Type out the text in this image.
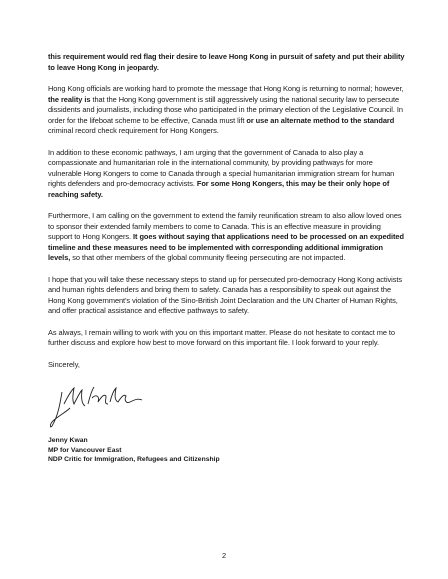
this requirement would red flag their desire to leave Hong Kong in pursuit of safety and put their ability to leave Hong Kong in jeopardy.

Hong Kong officials are working hard to promote the message that Hong Kong is returning to normal; however, the reality is that the Hong Kong government is still aggressively using the national security law to persecute dissidents and journalists, including those who participated in the primary election of the Legislative Council. In order for the lifeboat scheme to be effective, Canada must lift or use an alternate method to the standard criminal record check requirement for Hong Kongers.

In addition to these economic pathways, I am urging that the government of Canada to also play a compassionate and humanitarian role in the international community, by providing pathways for more vulnerable Hong Kongers to come to Canada through a special humanitarian immigration stream for human rights defenders and pro-democracy activists. For some Hong Kongers, this may be their only hope of reaching safety.

Furthermore, I am calling on the government to extend the family reunification stream to also allow loved ones to sponsor their extended family members to come to Canada. This is an effective measure in providing support to Hong Kongers. It goes without saying that applications need to be processed on an expedited timeline and these measures need to be implemented with corresponding additional immigration levels, so that other members of the global community fleeing persecuting are not impacted.

I hope that you will take these necessary steps to stand up for persecuted pro-democracy Hong Kong activists and human rights defenders and bring them to safety. Canada has a responsibility to speak out against the Hong Kong government's violation of the Sino-British Joint Declaration and the UN Charter of Human Rights, and offer practical assistance and effective pathways to safety.

As always, I remain willing to work with you on this important matter. Please do not hesitate to contact me to further discuss and explore how best to move forward on this important file. I look forward to your reply.

Sincerely,

Jenny Kwan
MP for Vancouver East
NDP Critic for Immigration, Refugees and Citizenship
2
